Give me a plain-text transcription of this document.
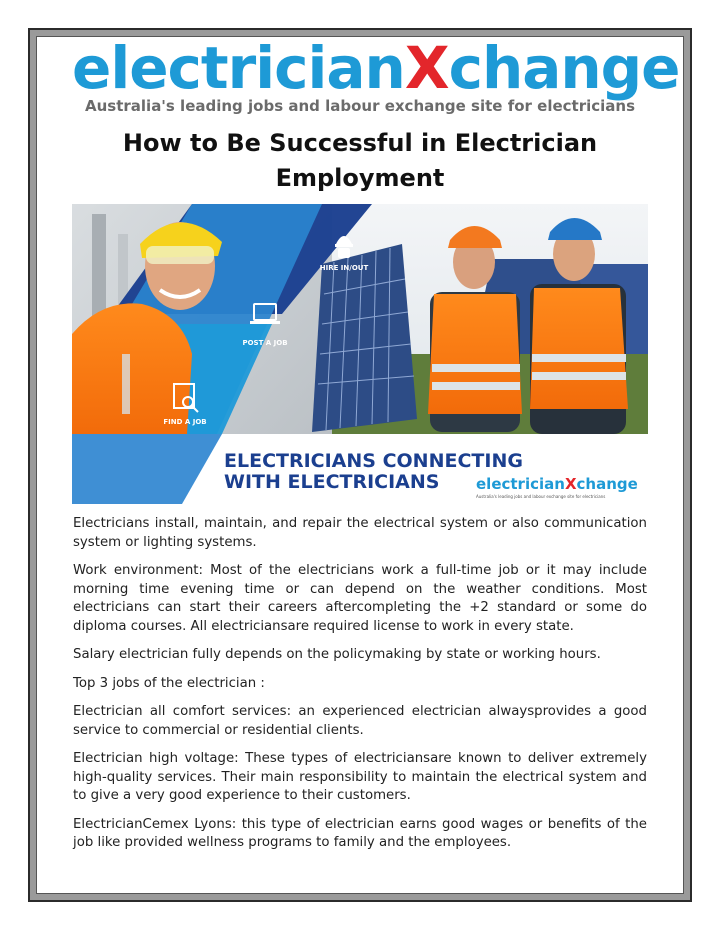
electricianXchange
Australia's leading jobs and labour exchange site for electricians
How to Be Successful in Electrician Employment
HIRE IN/OUT
POST A JOB
FIND A JOB
ELECTRICIANS CONNECTING
WITH ELECTRICIANS electricianXchange
Australia's leading jobs and labour exchange site for electricians

Electricians install, maintain, and repair the electrical system or also communication system or lighting systems.

Work environment: Most of the electricians work a full-time job or it may include morning time evening time or can depend on the weather conditions. Most electricians can start their careers aftercompleting the +2 standard or some do diploma courses. All electriciansare required license to work in every state.

Salary electrician fully depends on the policymaking by state or working hours.

Top 3 jobs of the electrician :

Electrician all comfort services: an experienced electrician alwaysprovides a good service to commercial or residential clients.

Electrician high voltage: These types of electriciansare known to deliver extremely high-quality services. Their main responsibility to maintain the electrical system and to give a very good experience to their customers.

ElectricianCemex Lyons: this type of electrician earns good wages or benefits of the job like provided wellness programs to family and the employees.
